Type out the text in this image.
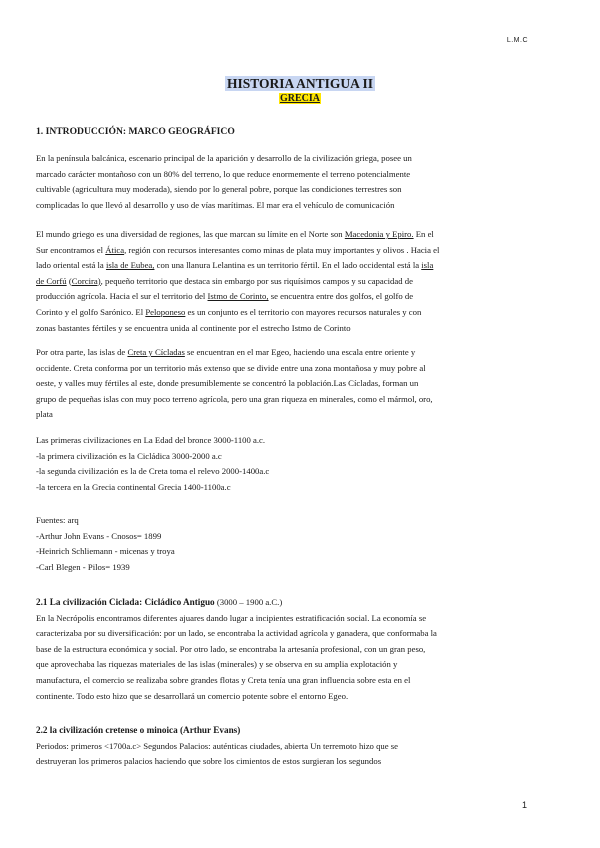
L.M.C
HISTORIA ANTIGUA II
GRECIA
1. INTRODUCCIÓN: MARCO GEOGRÁFICO
En la península balcánica, escenario principal de la aparición y desarrollo de la civilización griega, posee un
marcado carácter montañoso con un 80% del terreno, lo que reduce enormemente el terreno potencialmente
cultivable (agricultura muy moderada), siendo por lo general pobre, porque las condiciones terrestres son
complicadas lo que llevó al desarrollo y uso de vías marítimas. El mar era el vehículo de comunicación
El mundo griego es una diversidad de regiones, las que marcan su límite en el Norte son Macedonia y Epiro. En el
Sur encontramos el Ática, región con recursos interesantes como minas de plata muy importantes y olivos . Hacia el
lado oriental está la isla de Eubea, con una llanura Lelantina es un territorio fértil. En el lado occidental está la isla
de Corfú (Corcira), pequeño territorio que destaca sin embargo por sus riquísimos campos y su capacidad de
producción agrícola. Hacia el sur el territorio del Istmo de Corinto, se encuentra entre dos golfos, el golfo de
Corinto y el golfo Sarónico. El Peloponeso es un conjunto es el territorio con mayores recursos naturales y con
zonas bastantes fértiles y se encuentra unida al continente por el estrecho Istmo de Corinto
Por otra parte, las islas de Creta y Cícladas se encuentran en el mar Egeo, haciendo una escala entre oriente y
occidente. Creta conforma por un territorio más extenso que se divide entre una zona montañosa y muy pobre al
oeste, y valles muy fértiles al este, donde presumiblemente se concentró la población.Las Cícladas, forman un
grupo de pequeñas islas con muy poco terreno agrícola, pero una gran riqueza en minerales, como el mármol, oro,
plata
Las primeras civilizaciones en La Edad del bronce 3000-1100 a.c.
-la primera civilización es la Cicládica 3000-2000 a.c
-la segunda civilización es la de Creta toma el relevo 2000-1400a.c
-la tercera en la Grecia continental Grecia 1400-1100a.c
Fuentes: arq
-Arthur John Evans - Cnosos= 1899
-Heinrich Schliemann - micenas y troya
-Carl Blegen - Pilos= 1939
2.1 La civilización Ciclada: Cicládico Antiguo (3000 – 1900 a.C.)
En la Necrópolis encontramos diferentes ajuares dando lugar a incipientes estratificación social. La economía se
caracterizaba por su diversificación: por un lado, se encontraba la actividad agrícola y ganadera, que conformaba la
base de la estructura económica y social. Por otro lado, se encontraba la artesanía profesional, con un gran peso,
que aprovechaba las riquezas materiales de las islas (minerales) y se observa en su amplia explotación y
manufactura, el comercio se realizaba sobre grandes flotas y Creta tenía una gran influencia sobre esta en el
continente. Todo esto hizo que se desarrollará un comercio potente sobre el entorno Egeo.
2.2 la civilización cretense o minoica (Arthur Evans)
Periodos: primeros <1700a.c> Segundos Palacios: auténticas ciudades, abierta Un terremoto hizo que se
destruyeran los primeros palacios haciendo que sobre los cimientos de estos surgieran los segundos
1
